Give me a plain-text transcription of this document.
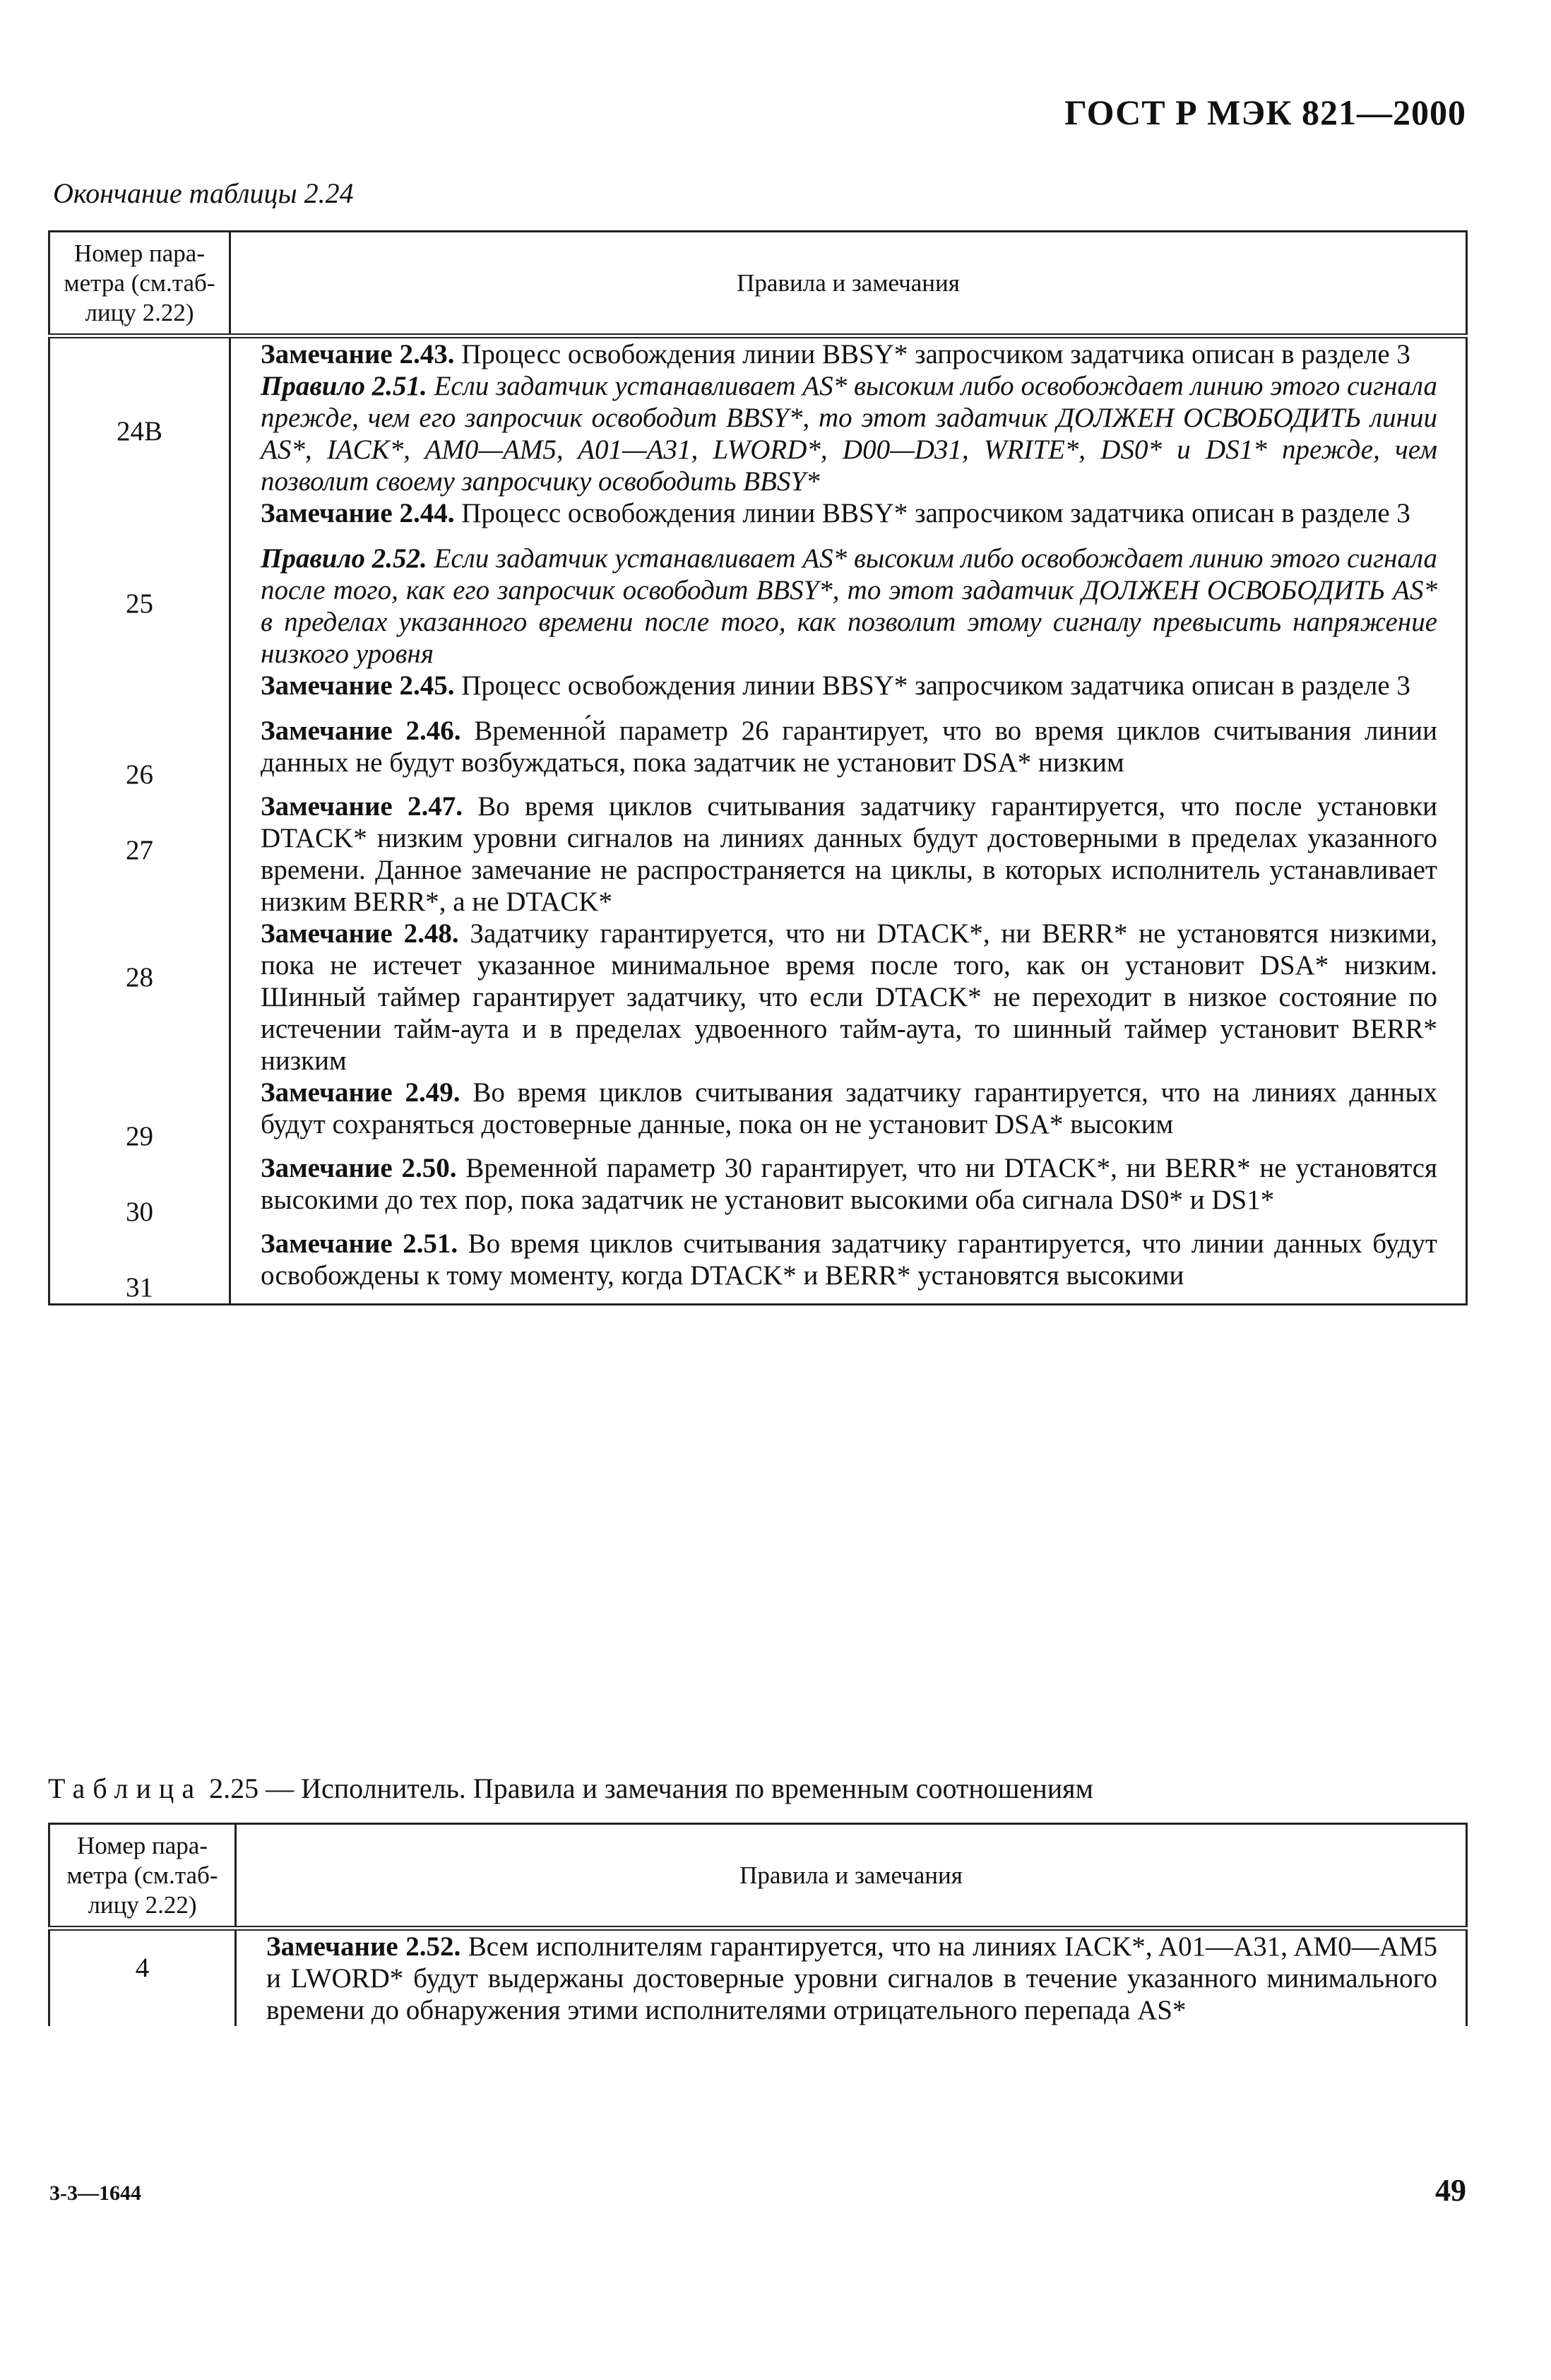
ГОСТ Р МЭК 821—2000
Окончание таблицы 2.24
Номер пара-
метра (см.таб-
лицу 2.22)	Правила и замечания
	Замечание 2.43. Процесс освобождения линии BBSY* запросчиком задатчика описан в разделе 3
24В	Правило 2.51. Если задатчик устанавливает AS* высоким либо освобождает линию этого сигнала прежде, чем его запросчик освободит BBSY*, то этот задатчик ДОЛЖЕН ОСВОБОДИТЬ линии AS*, IACK*, AM0—AM5, A01—A31, LWORD*, D00—D31, WRITE*, DS0* и DS1* прежде, чем позволит своему запросчику освободить BBSY*
	Замечание 2.44. Процесс освобождения линии BBSY* запросчиком задатчика описан в разделе 3
25	Правило 2.52. Если задатчик устанавливает AS* высоким либо освобождает линию этого сигнала после того, как его запросчик освободит BBSY*, то этот задатчик ДОЛЖЕН ОСВОБОДИТЬ AS* в пределах указанного времени после того, как позволит этому сигналу превысить напряжение низкого уровня
	Замечание 2.45. Процесс освобождения линии BBSY* запросчиком задатчика описан в разделе 3
26	Замечание 2.46. Временно́й параметр 26 гарантирует, что во время циклов считывания линии данных не будут возбуждаться, пока задатчик не установит DSA* низким
27	Замечание 2.47. Во время циклов считывания задатчику гарантируется, что после установки DTACK* низким уровни сигналов на линиях данных будут достоверными в пределах указанного времени. Данное замечание не распространяется на циклы, в которых исполнитель устанавливает низким BERR*, а не DTACK*
28	Замечание 2.48. Задатчику гарантируется, что ни DTACK*, ни BERR* не установятся низкими, пока не истечет указанное минимальное время после того, как он установит DSA* низким. Шинный таймер гарантирует задатчику, что если DTACK* не переходит в низкое состояние по истечении тайм-аута и в пределах удвоенного тайм-аута, то шинный таймер установит BERR* низким
29	Замечание 2.49. Во время циклов считывания задатчику гарантируется, что на линиях данных будут сохраняться достоверные данные, пока он не установит DSA* высоким
30	Замечание 2.50. Временной параметр 30 гарантирует, что ни DTACK*, ни BERR* не установятся высокими до тех пор, пока задатчик не установит высокими оба сигнала DS0* и DS1*
31	Замечание 2.51. Во время циклов считывания задатчику гарантируется, что линии данных будут освобождены к тому моменту, когда DTACK* и BERR* установятся высокими
Таблица 2.25 — Исполнитель. Правила и замечания по временным соотношениям
Номер пара-
метра (см.таб-
лицу 2.22)	Правила и замечания
4	Замечание 2.52. Всем исполнителям гарантируется, что на линиях IACK*, A01—A31, AM0—AM5 и LWORD* будут выдержаны достоверные уровни сигналов в течение указанного минимального времени до обнаружения этими исполнителями отрицательного перепада AS*
3-3—1644	49
